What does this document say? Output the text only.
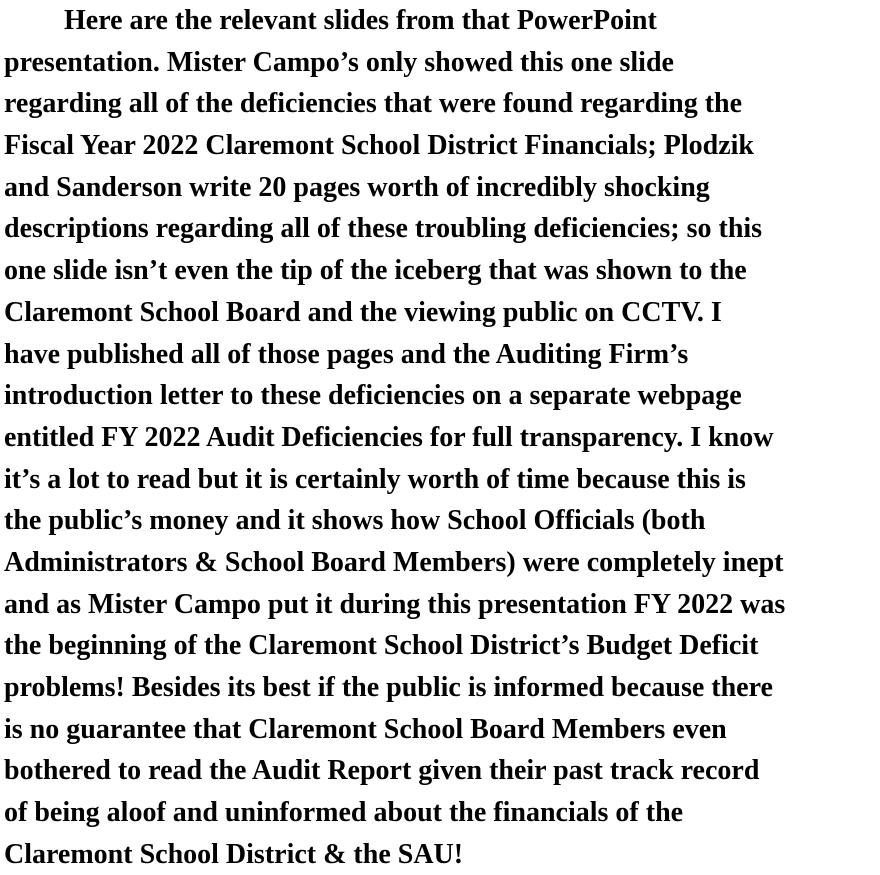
Here are the relevant slides from that PowerPoint
presentation. Mister Campo’s only showed this one slide
regarding all of the deficiencies that were found regarding the
Fiscal Year 2022 Claremont School District Financials; Plodzik
and Sanderson write 20 pages worth of incredibly shocking
descriptions regarding all of these troubling deficiencies; so this
one slide isn’t even the tip of the iceberg that was shown to the
Claremont School Board and the viewing public on CCTV. I
have published all of those pages and the Auditing Firm’s
introduction letter to these deficiencies on a separate webpage
entitled FY 2022 Audit Deficiencies for full transparency. I know
it’s a lot to read but it is certainly worth of time because this is
the public’s money and it shows how School Officials (both
Administrators & School Board Members) were completely inept
and as Mister Campo put it during this presentation FY 2022 was
the beginning of the Claremont School District’s Budget Deficit
problems! Besides its best if the public is informed because there
is no guarantee that Claremont School Board Members even
bothered to read the Audit Report given their past track record
of being aloof and uninformed about the financials of the
Claremont School District & the SAU!
